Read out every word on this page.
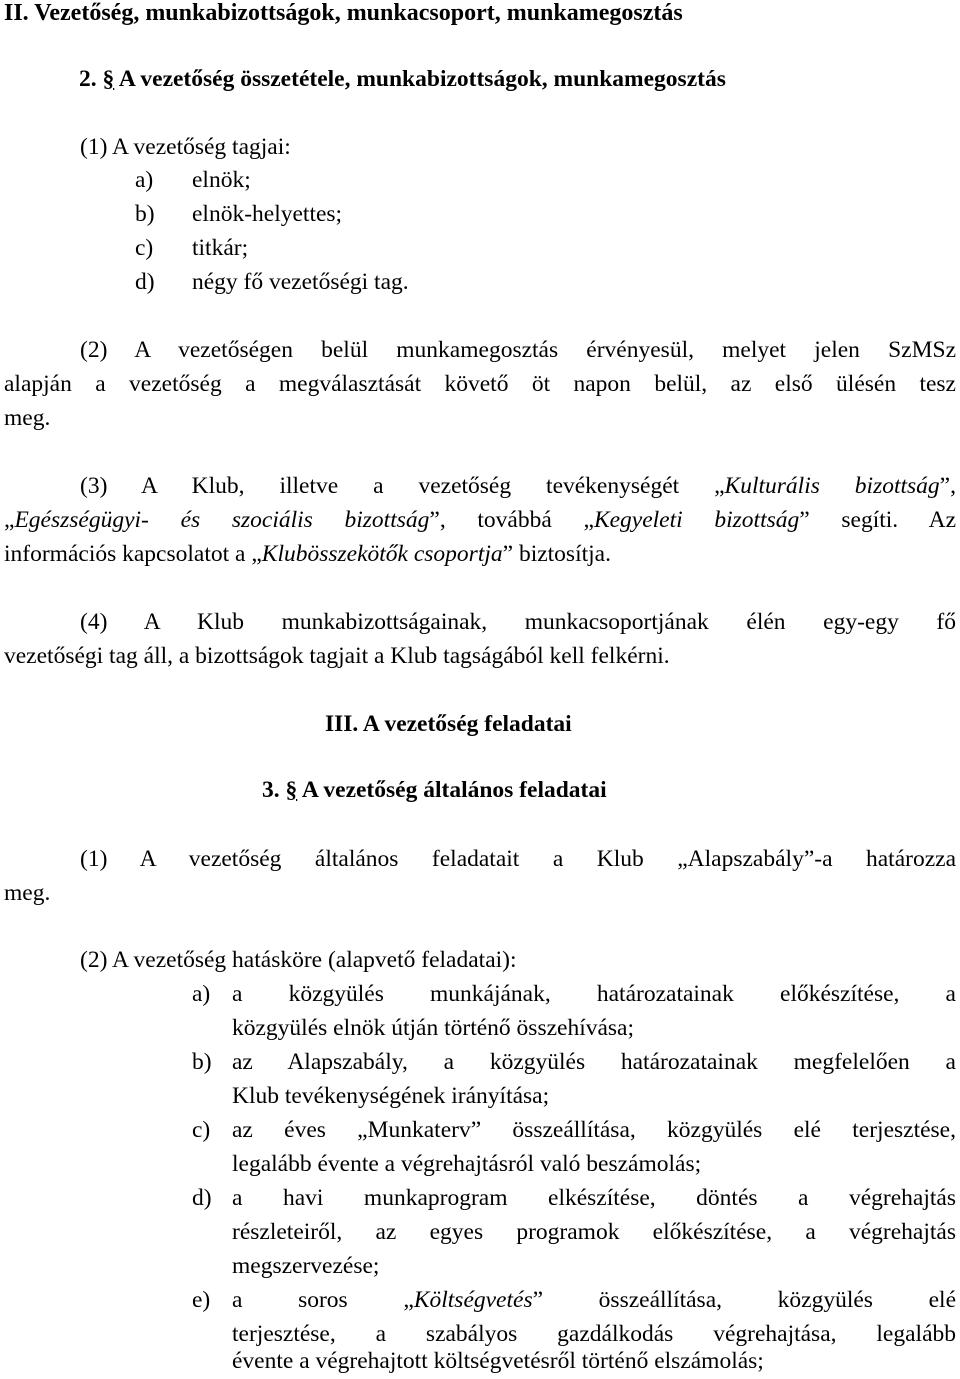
II. Vezetőség, munkabizottságok, munkacsoport, munkamegosztás
2. § A vezetőség összetétele, munkabizottságok, munkamegosztás
(1) A vezetőség tagjai:
a) elnök;
b) elnök-helyettes;
c) titkár;
d) négy fő vezetőségi tag.
(2) A vezetőségen belül munkamegosztás érvényesül, melyet jelen SzMSz
alapján a vezetőség a megválasztását követő öt napon belül, az első ülésén tesz
meg.
(3) A Klub, illetve a vezetőség tevékenységét „Kulturális bizottság”,
„Egészségügyi- és szociális bizottság”, továbbá „Kegyeleti bizottság” segíti. Az
információs kapcsolatot a „Klubösszekötők csoportja” biztosítja.
(4) A Klub munkabizottságainak, munkacsoportjának élén egy-egy fő
vezetőségi tag áll, a bizottságok tagjait a Klub tagságából kell felkérni.
III. A vezetőség feladatai
3. § A vezetőség általános feladatai
(1) A vezetőség általános feladatait a Klub „Alapszabály”-a határozza
meg.
(2) A vezetőség hatásköre (alapvető feladatai):
a) a közgyülés munkájának, határozatainak előkészítése, a
közgyülés elnök útján történő összehívása;
b) az Alapszabály, a közgyülés határozatainak megfelelően a
Klub tevékenységének irányítása;
c) az éves „Munkaterv” összeállítása, közgyülés elé terjesztése,
legalább évente a végrehajtásról való beszámolás;
d) a havi munkaprogram elkészítése, döntés a végrehajtás
részleteiről, az egyes programok előkészítése, a végrehajtás
megszervezése;
e) a soros „Költségvetés” összeállítása, közgyülés elé
terjesztése, a szabályos gazdálkodás végrehajtása, legalább
évente a végrehajtott költségvetésről történő elszámolás;
